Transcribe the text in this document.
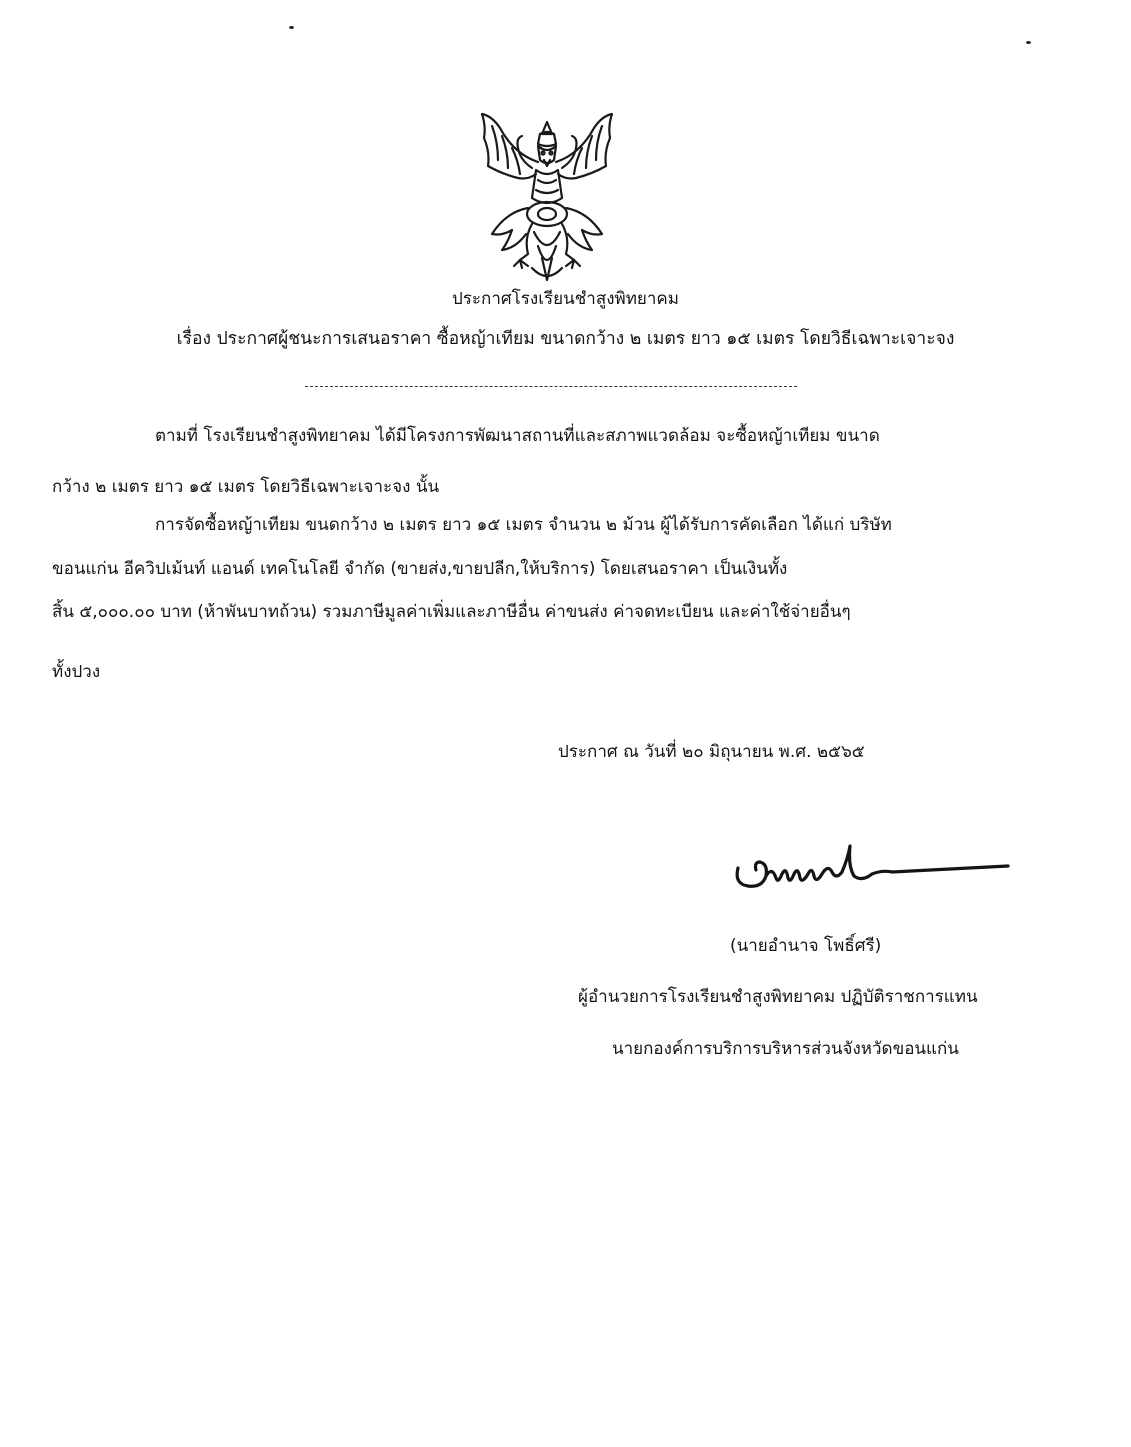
ประกาศโรงเรียนชำสูงพิทยาคม
เรื่อง ประกาศผู้ชนะการเสนอราคา ซื้อหญ้าเทียม ขนาดกว้าง ๒ เมตร ยาว ๑๕ เมตร โดยวิธีเฉพาะเจาะจง
ตามที่ โรงเรียนชำสูงพิทยาคม ได้มีโครงการพัฒนาสถานที่และสภาพแวดล้อม จะซื้อหญ้าเทียม ขนาด
กว้าง ๒ เมตร ยาว ๑๕ เมตร โดยวิธีเฉพาะเจาะจง นั้น
การจัดซื้อหญ้าเทียม ขนดกว้าง ๒ เมตร ยาว ๑๕ เมตร จำนวน ๒ ม้วน ผู้ได้รับการคัดเลือก ได้แก่ บริษัท
ขอนแก่น อีควิปเม้นท์ แอนด์ เทคโนโลยี จำกัด (ขายส่ง,ขายปลีก,ให้บริการ) โดยเสนอราคา เป็นเงินทั้ง
สิ้น ๕,๐๐๐.๐๐ บาท (ห้าพันบาทถ้วน) รวมภาษีมูลค่าเพิ่มและภาษีอื่น ค่าขนส่ง ค่าจดทะเบียน และค่าใช้จ่ายอื่นๆ
ทั้งปวง
ประกาศ ณ วันที่ ๒๐ มิถุนายน พ.ศ. ๒๕๖๕
(นายอำนาจ โพธิ์ศรี)
ผู้อำนวยการโรงเรียนชำสูงพิทยาคม ปฏิบัติราชการแทน
นายกองค์การบริการบริหารส่วนจังหวัดขอนแก่น
